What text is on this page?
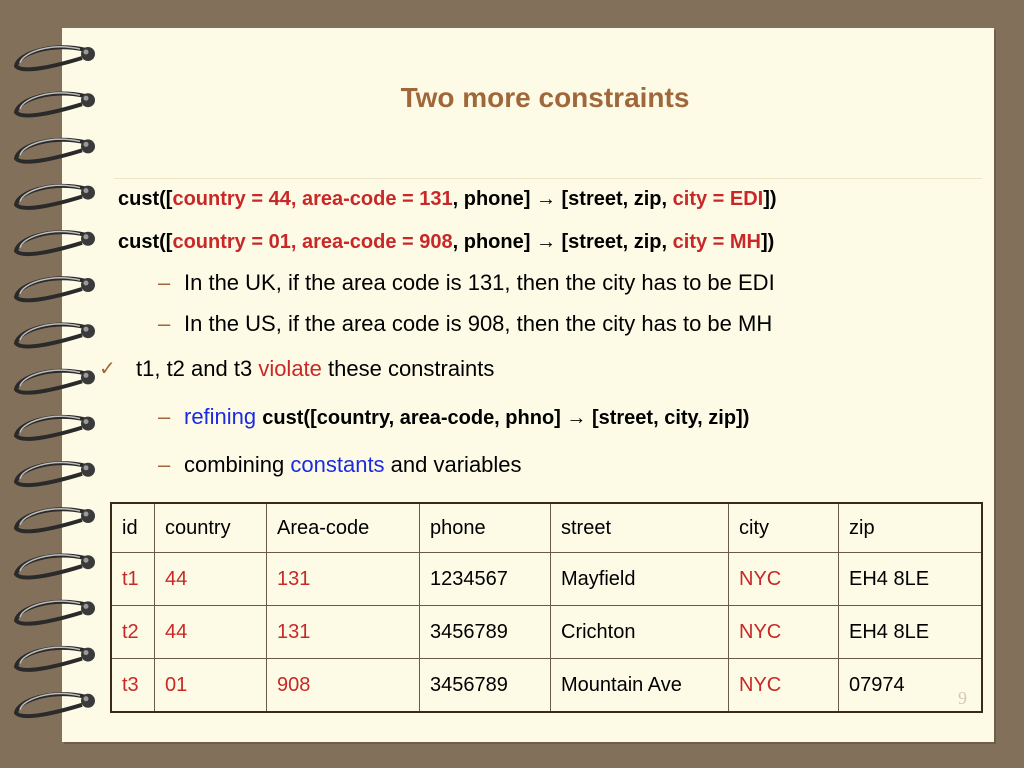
Two more constraints
cust([country = 44, area-code = 131, phone] → [street, zip, city = EDI])
cust([country = 01, area-code = 908, phone] → [street, zip, city = MH])
– In the UK, if the area code is 131, then the city has to be EDI
– In the US, if the area code is 908, then the city has to be MH
✓ t1, t2 and t3 violate these constraints
– refining cust([country, area-code, phno] → [street, city, zip])
– combining constants and variables
id	country	Area-code	phone	street	city	zip
t1	44	131	1234567	Mayfield	NYC	EH4 8LE
t2	44	131	3456789	Crichton	NYC	EH4 8LE
t3	01	908	3456789	Mountain Ave	NYC	07974
9
